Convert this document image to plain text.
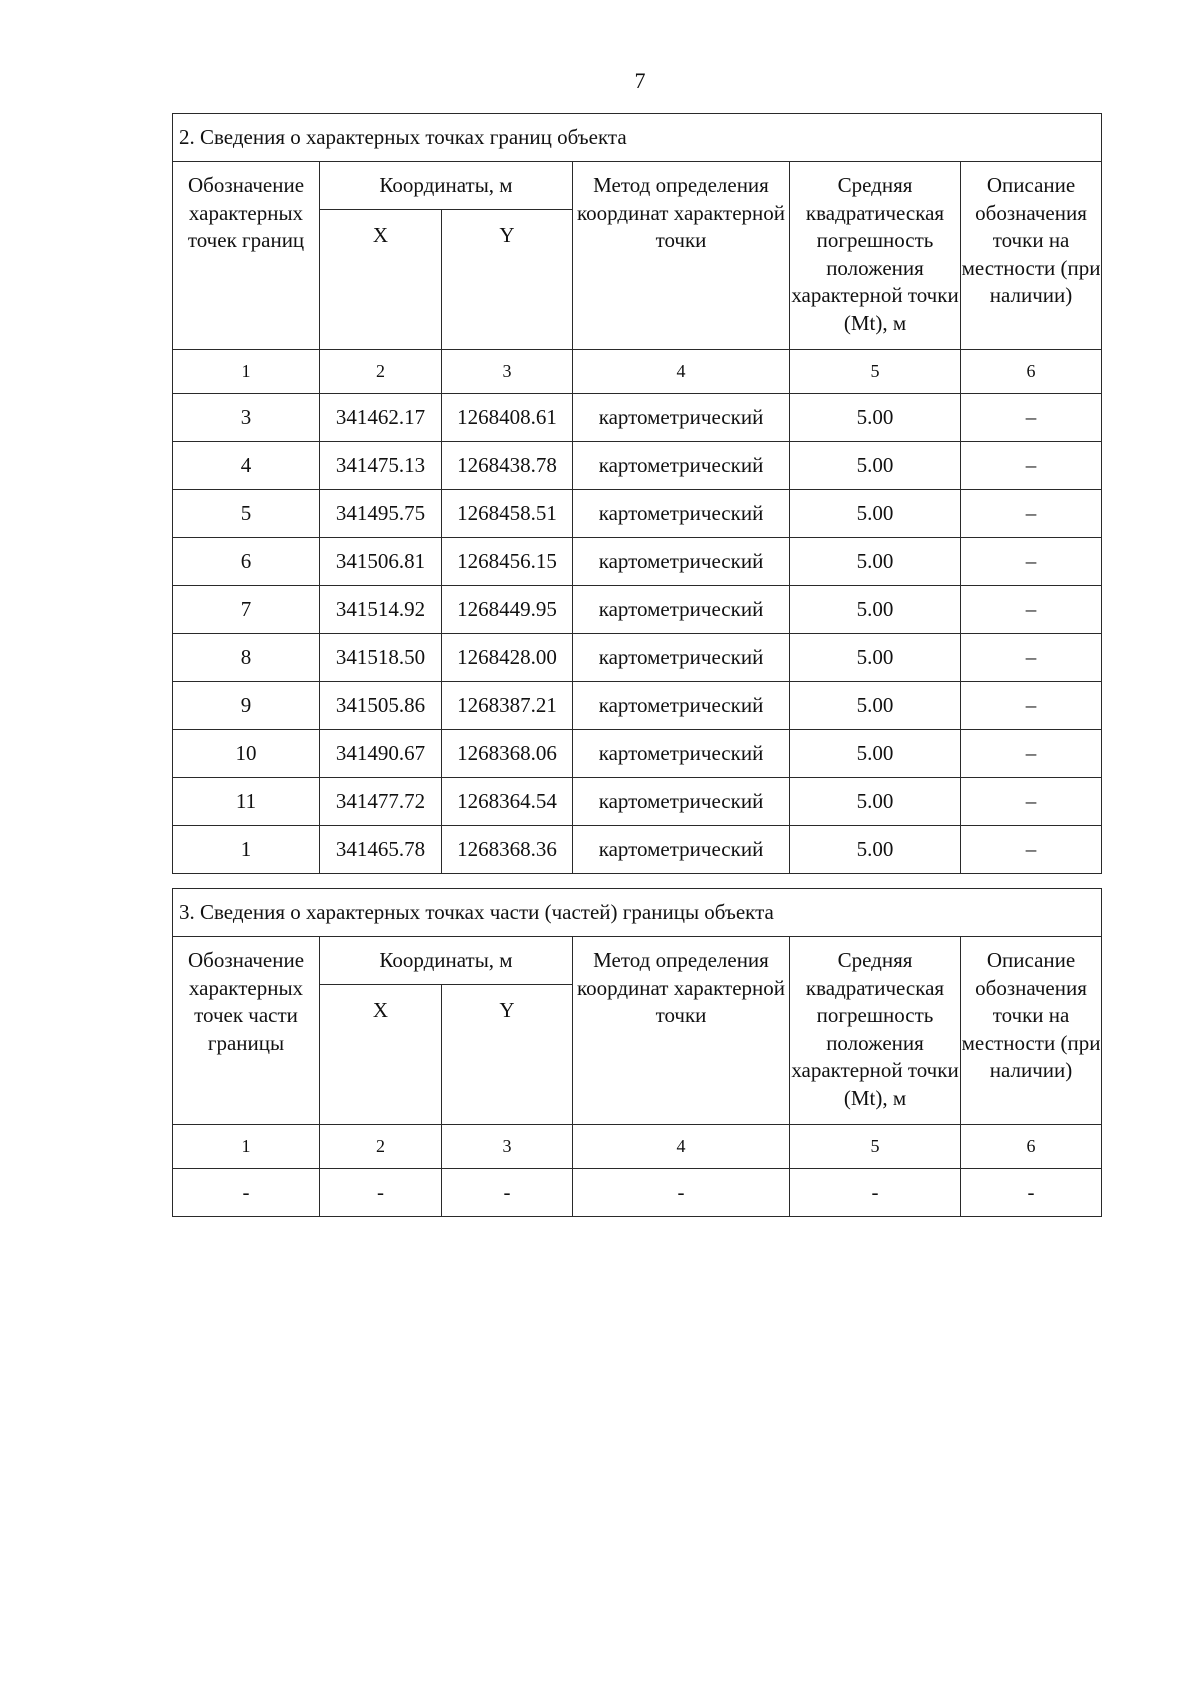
7
2. Сведения о характерных точках границ объекта					
Обозначение характерных точек границ	Координаты, м		Метод определения координат характерной точки	Средняя квадратическая погрешность положения характерной точки (Mt), м	Описание обозначения точки на местности (при наличии)
	X	Y			
1	2	3	4	5	6
3	341462.17	1268408.61	картометрический	5.00	–
4	341475.13	1268438.78	картометрический	5.00	–
5	341495.75	1268458.51	картометрический	5.00	–
6	341506.81	1268456.15	картометрический	5.00	–
7	341514.92	1268449.95	картометрический	5.00	–
8	341518.50	1268428.00	картометрический	5.00	–
9	341505.86	1268387.21	картометрический	5.00	–
10	341490.67	1268368.06	картометрический	5.00	–
11	341477.72	1268364.54	картометрический	5.00	–
1	341465.78	1268368.36	картометрический	5.00	–
3. Сведения о характерных точках части (частей) границы объекта					
Обозначение характерных точек части границы	Координаты, м		Метод определения координат характерной точки	Средняя квадратическая погрешность положения характерной точки (Mt), м	Описание обозначения точки на местности (при наличии)
	X	Y			
1	2	3	4	5	6
-	-	-	-	-	-
